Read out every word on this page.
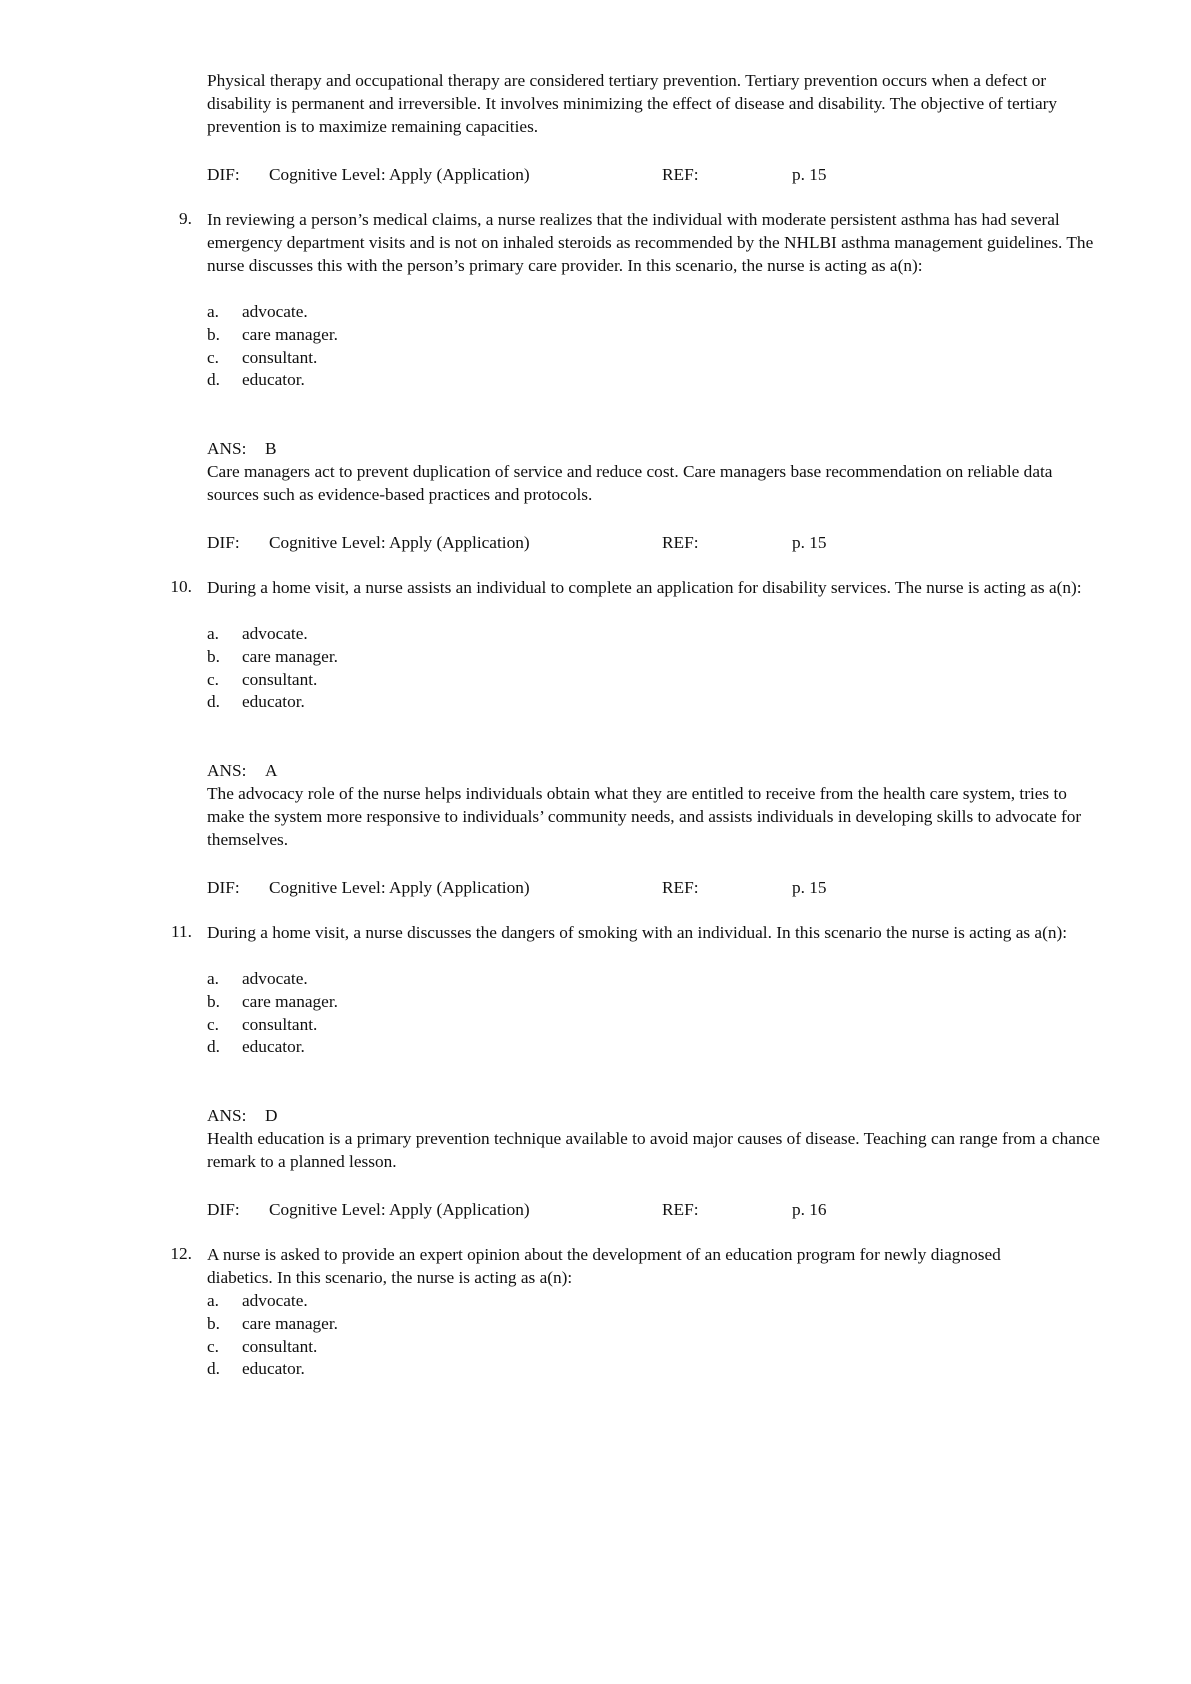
Physical therapy and occupational therapy are considered tertiary prevention. Tertiary prevention occurs when a defect or disability is permanent and irreversible. It involves minimizing the effect of disease and disability. The objective of tertiary prevention is to maximize remaining capacities.

DIF: Cognitive Level: Apply (Application)	REF:	p. 15
9. In reviewing a person’s medical claims, a nurse realizes that the individual with moderate persistent asthma has had several emergency department visits and is not on inhaled steroids as recommended by the NHLBI asthma management guidelines. The nurse discusses this with the person’s primary care provider. In this scenario, the nurse is acting as a(n):
a. advocate.
b. care manager.
c. consultant.
d. educator.
ANS: B

Care managers act to prevent duplication of service and reduce cost. Care managers base recommendation on reliable data sources such as evidence-based practices and protocols.

DIF: Cognitive Level: Apply (Application)	REF:	p. 15
10. During a home visit, a nurse assists an individual to complete an application for disability services. The nurse is acting as a(n):
a. advocate.
b. care manager.
c. consultant.
d. educator.
ANS: A

The advocacy role of the nurse helps individuals obtain what they are entitled to receive from the health care system, tries to make the system more responsive to individuals’ community needs, and assists individuals in developing skills to advocate for themselves.

DIF: Cognitive Level: Apply (Application)	REF:	p. 15
11. During a home visit, a nurse discusses the dangers of smoking with an individual. In this scenario the nurse is acting as a(n):
a. advocate.
b. care manager.
c. consultant.
d. educator.
ANS: D

Health education is a primary prevention technique available to avoid major causes of disease. Teaching can range from a chance remark to a planned lesson.

DIF: Cognitive Level: Apply (Application)	REF:	p. 16
12. A nurse is asked to provide an expert opinion about the development of an education program for newly diagnosed diabetics. In this scenario, the nurse is acting as a(n):
a. advocate.
b. care manager.
c. consultant.
d. educator.
